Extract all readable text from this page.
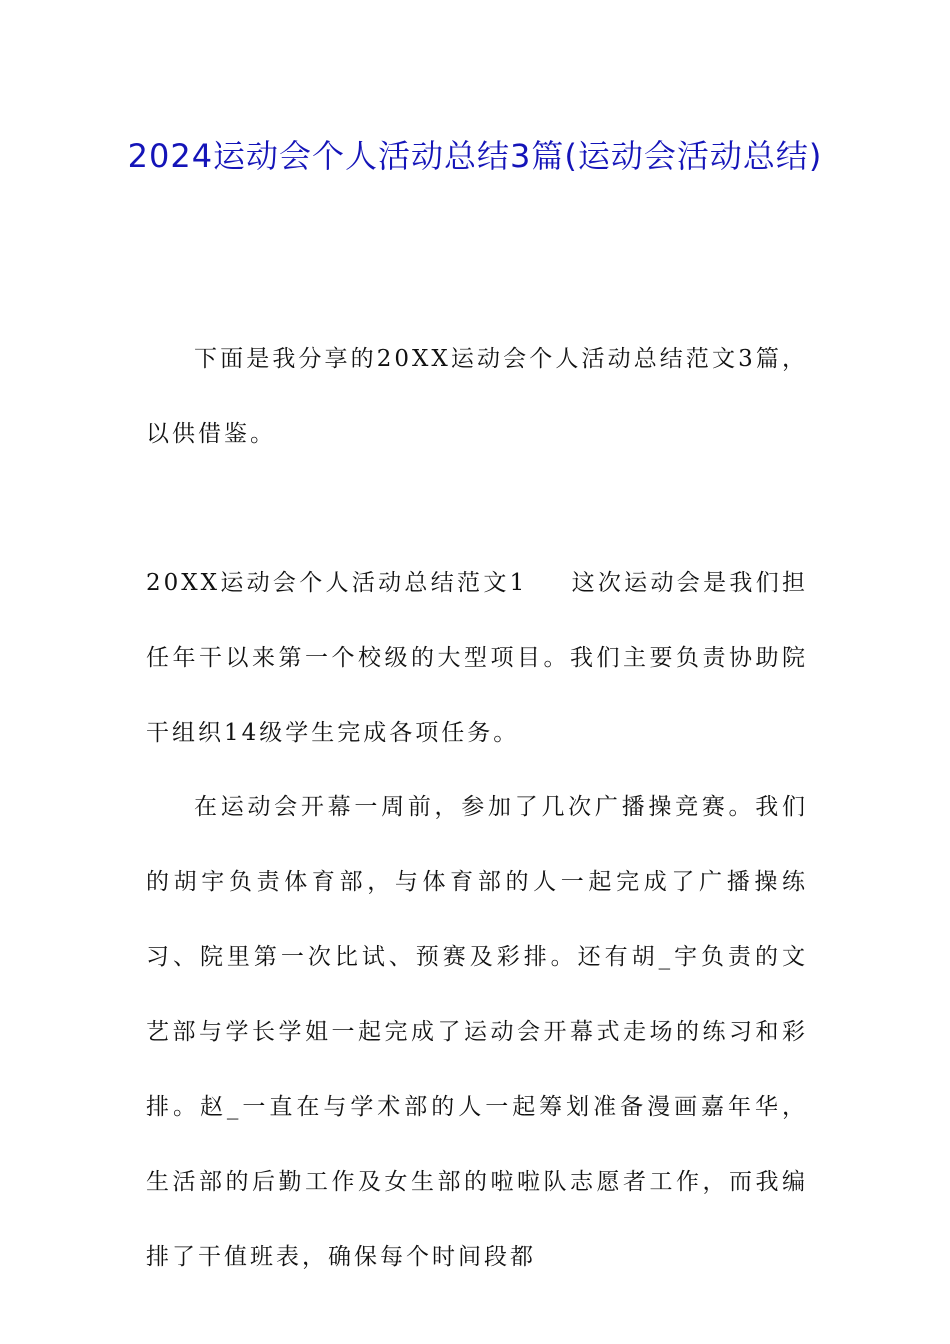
2024运动会个人活动总结3篇(运动会活动总结)

下面是我分享的20XX运动会个人活动总结范文3篇，以供借鉴。

20XX运动会个人活动总结范文1 这次运动会是我们担任年干以来第一个校级的大型项目。我们主要负责协助院干组织14级学生完成各项任务。

在运动会开幕一周前，参加了几次广播操竞赛。我们的胡宇负责体育部，与体育部的人一起完成了广播操练习、院里第一次比试、预赛及彩排。还有胡_宇负责的文艺部与学长学姐一起完成了运动会开幕式走场的练习和彩排。赵_一直在与学术部的人一起筹划准备漫画嘉年华，生活部的后勤工作及女生部的啦啦队志愿者工作，而我编排了干值班表，确保每个时间段都
